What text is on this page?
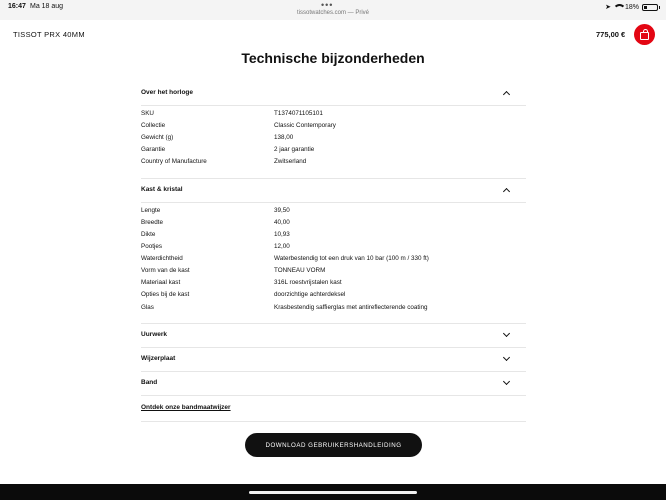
16:47 Ma 18 aug	•••
tissotwatches.com — Privé
➤ 18%
TISSOT PRX 40MM	775,00 €
Technische bijzonderheden
Over het horloge
SKU	T1374071105101
Collectie	Classic Contemporary
Gewicht (g)	138,00
Garantie	2 jaar garantie
Country of Manufacture	Zwitserland
Kast & kristal
Lengte	39,50
Breedte	40,00
Dikte	10,93
Pootjes	12,00
Waterdichtheid	Waterbestendig tot een druk van 10 bar (100 m / 330 ft)
Vorm van de kast	TONNEAU VORM
Materiaal kast	316L roestvrijstalen kast
Opties bij de kast	doorzichtige achterdeksel
Glas	Krasbestendig saffierglas met antireflecterende coating
Uurwerk
Wijzerplaat
Band
Ontdek onze bandmaatwijzer
DOWNLOAD GEBRUIKERSHANDLEIDING
